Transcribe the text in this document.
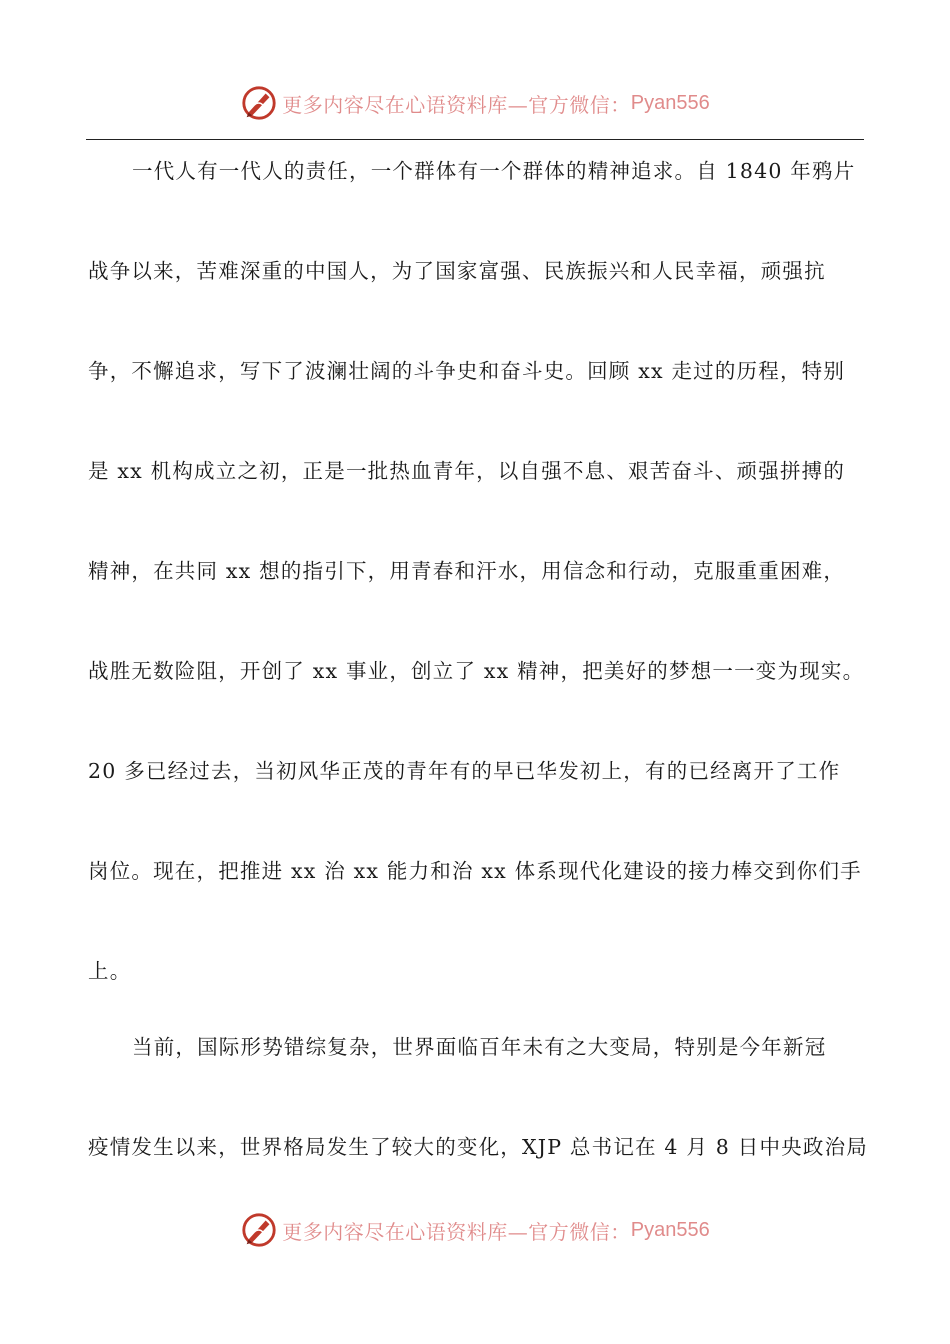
更多内容尽在心语资料库—官方微信： Pyan556
一代人有一代人的责任，一个群体有一个群体的精神追求。自 1840 年鸦片
战争以来，苦难深重的中国人，为了国家富强、民族振兴和人民幸福，顽强抗
争，不懈追求，写下了波澜壮阔的斗争史和奋斗史。回顾 xx 走过的历程，特别
是 xx 机构成立之初，正是一批热血青年，以自强不息、艰苦奋斗、顽强拼搏的
精神，在共同 xx 想的指引下，用青春和汗水，用信念和行动，克服重重困难，
战胜无数险阻，开创了 xx 事业，创立了 xx 精神，把美好的梦想一一变为现实。
20 多已经过去，当初风华正茂的青年有的早已华发初上，有的已经离开了工作
岗位。现在，把推进 xx 治 xx 能力和治 xx 体系现代化建设的接力棒交到你们手
上。
当前，国际形势错综复杂，世界面临百年未有之大变局，特别是今年新冠
疫情发生以来，世界格局发生了较大的变化，XJP 总书记在 4 月 8 日中央政治局
更多内容尽在心语资料库—官方微信： Pyan556
